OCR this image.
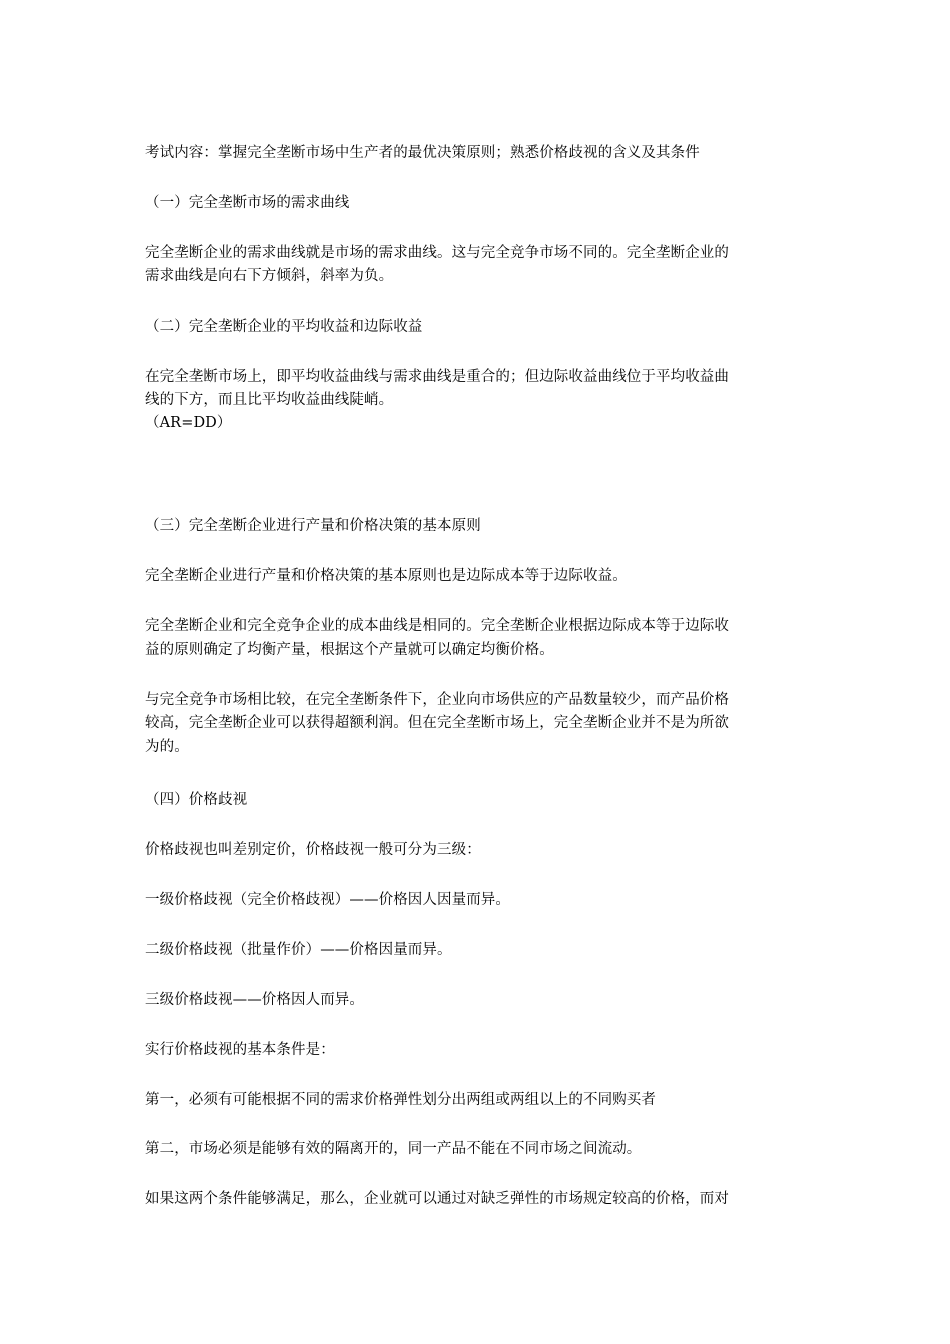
考试内容：掌握完全垄断市场中生产者的最优决策原则；熟悉价格歧视的含义及其条件
（一）完全垄断市场的需求曲线
完全垄断企业的需求曲线就是市场的需求曲线。这与完全竞争市场不同的。完全垄断企业的
需求曲线是向右下方倾斜，斜率为负。
（二）完全垄断企业的平均收益和边际收益
在完全垄断市场上，即平均收益曲线与需求曲线是重合的；但边际收益曲线位于平均收益曲
线的下方，而且比平均收益曲线陡峭。
（AR=DD）
（三）完全垄断企业进行产量和价格决策的基本原则
完全垄断企业进行产量和价格决策的基本原则也是边际成本等于边际收益。
完全垄断企业和完全竞争企业的成本曲线是相同的。完全垄断企业根据边际成本等于边际收
益的原则确定了均衡产量，根据这个产量就可以确定均衡价格。
与完全竞争市场相比较，在完全垄断条件下，企业向市场供应的产品数量较少，而产品价格
较高，完全垄断企业可以获得超额利润。但在完全垄断市场上，完全垄断企业并不是为所欲
为的。
（四）价格歧视
价格歧视也叫差别定价，价格歧视一般可分为三级：
一级价格歧视（完全价格歧视）——价格因人因量而异。
二级价格歧视（批量作价）——价格因量而异。
三级价格歧视——价格因人而异。
实行价格歧视的基本条件是：
第一，必须有可能根据不同的需求价格弹性划分出两组或两组以上的不同购买者
第二，市场必须是能够有效的隔离开的，同一产品不能在不同市场之间流动。
如果这两个条件能够满足，那么，企业就可以通过对缺乏弹性的市场规定较高的价格，而对
